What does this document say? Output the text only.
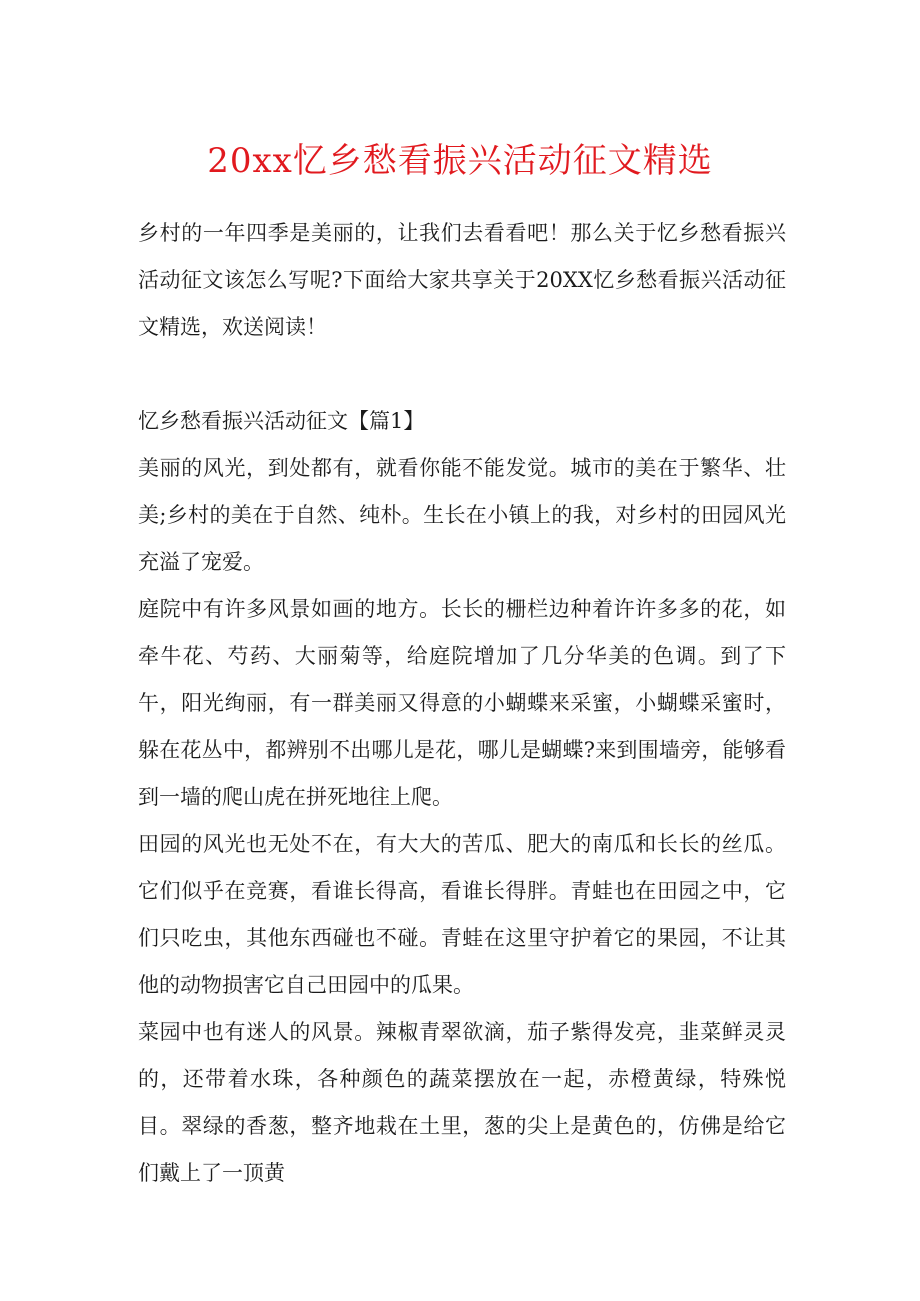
20xx忆乡愁看振兴活动征文精选

乡村的一年四季是美丽的，让我们去看看吧！那么关于忆乡愁看振兴活动征文该怎么写呢?下面给大家共享关于20XX忆乡愁看振兴活动征文精选，欢送阅读！

忆乡愁看振兴活动征文【篇1】

美丽的风光，到处都有，就看你能不能发觉。城市的美在于繁华、壮美;乡村的美在于自然、纯朴。生长在小镇上的我，对乡村的田园风光充溢了宠爱。

庭院中有许多风景如画的地方。长长的栅栏边种着许许多多的花，如牵牛花、芍药、大丽菊等，给庭院增加了几分华美的色调。到了下午，阳光绚丽，有一群美丽又得意的小蝴蝶来采蜜，小蝴蝶采蜜时，躲在花丛中，都辨别不出哪儿是花，哪儿是蝴蝶?来到围墙旁，能够看到一墙的爬山虎在拼死地往上爬。

田园的风光也无处不在，有大大的苦瓜、肥大的南瓜和长长的丝瓜。它们似乎在竞赛，看谁长得高，看谁长得胖。青蛙也在田园之中，它们只吃虫，其他东西碰也不碰。青蛙在这里守护着它的果园，不让其他的动物损害它自己田园中的瓜果。

菜园中也有迷人的风景。辣椒青翠欲滴，茄子紫得发亮，韭菜鲜灵灵的，还带着水珠，各种颜色的蔬菜摆放在一起，赤橙黄绿，特殊悦目。翠绿的香葱，整齐地栽在土里，葱的尖上是黄色的，仿佛是给它们戴上了一顶黄
